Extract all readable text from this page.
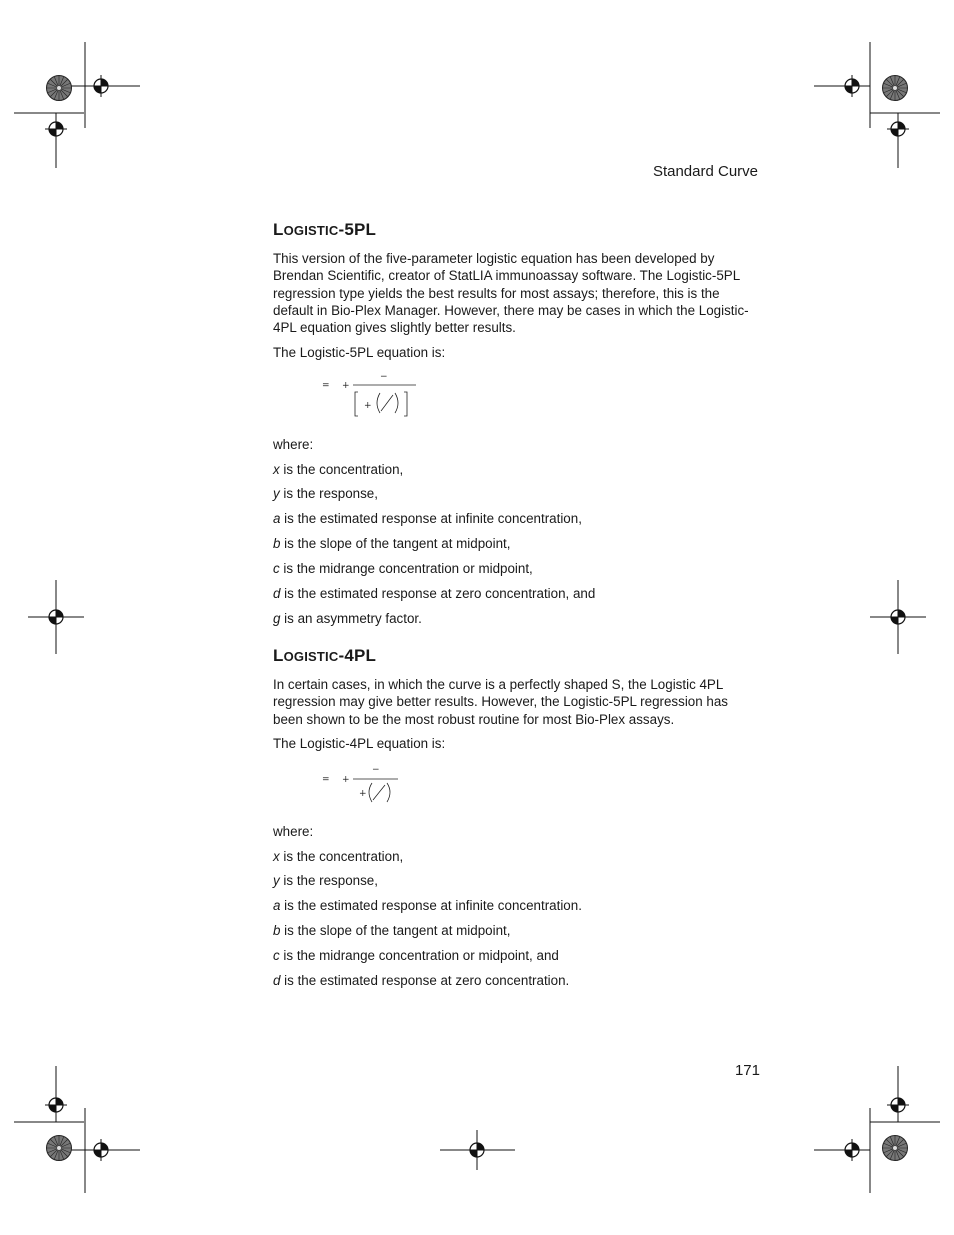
Standard Curve
LOGISTIC-5PL
This version of the five-parameter logistic equation has been developed by Brendan Scientific, creator of StatLIA immunoassay software. The Logistic-5PL regression type yields the best results for most assays; therefore, this is the default in Bio-Plex Manager. However, there may be cases in which the Logistic-4PL equation gives slightly better results.
The Logistic-5PL equation is:
= +
−
+
where:
x is the concentration,
y is the response,
a is the estimated response at infinite concentration,
b is the slope of the tangent at midpoint,
c is the midrange concentration or midpoint,
d is the estimated response at zero concentration, and
g is an asymmetry factor.
LOGISTIC-4PL
In certain cases, in which the curve is a perfectly shaped S, the Logistic 4PL regression may give better results. However, the Logistic-5PL regression has been shown to be the most robust routine for most Bio-Plex assays.
The Logistic-4PL equation is:
= +
−
+
where:
x is the concentration,
y is the response,
a is the estimated response at infinite concentration.
b is the slope of the tangent at midpoint,
c is the midrange concentration or midpoint, and
d is the estimated response at zero concentration.
171
